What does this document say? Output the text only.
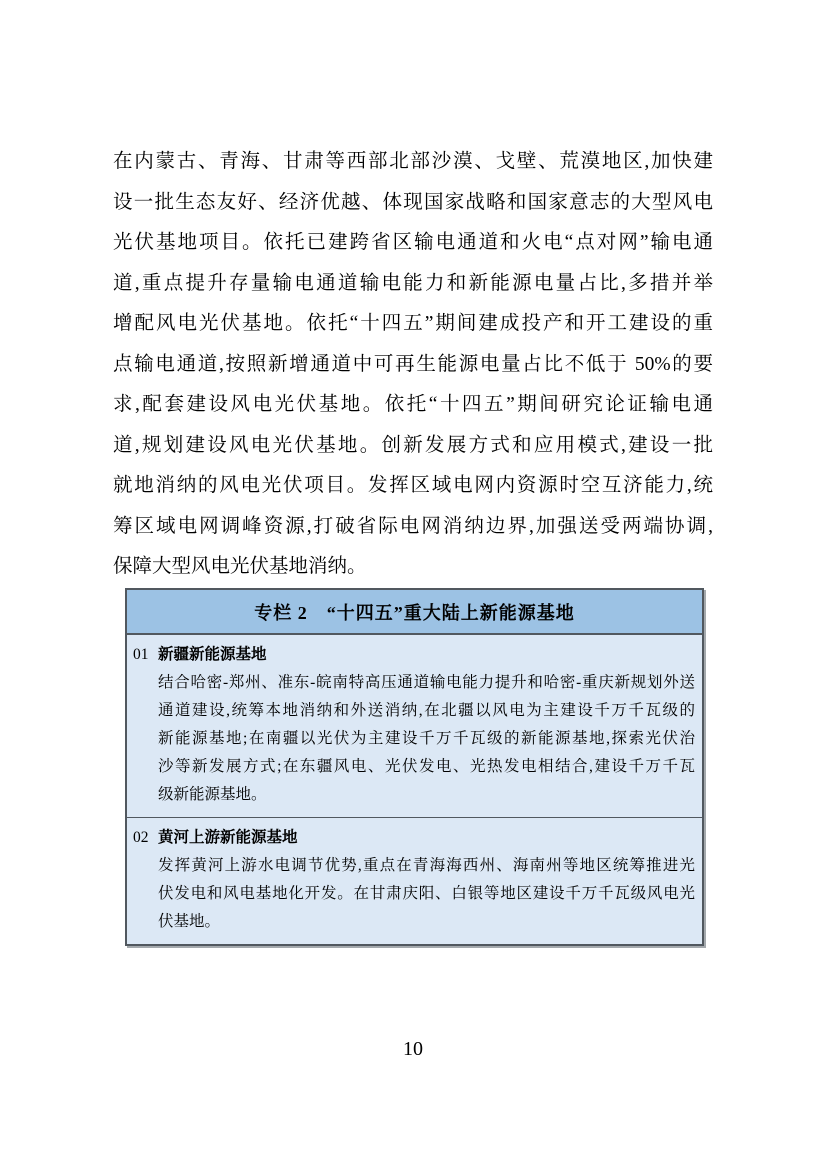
在内蒙古、青海、甘肃等西部北部沙漠、戈壁、荒漠地区,加快建
设一批生态友好、经济优越、体现国家战略和国家意志的大型风电
光伏基地项目。依托已建跨省区输电通道和火电“点对网”输电通
道,重点提升存量输电通道输电能力和新能源电量占比,多措并举
增配风电光伏基地。依托“十四五”期间建成投产和开工建设的重
点输电通道,按照新增通道中可再生能源电量占比不低于 50%的要
求,配套建设风电光伏基地。依托“十四五”期间研究论证输电通
道,规划建设风电光伏基地。创新发展方式和应用模式,建设一批
就地消纳的风电光伏项目。发挥区域电网内资源时空互济能力,统
筹区域电网调峰资源,打破省际电网消纳边界,加强送受两端协调,
保障大型风电光伏基地消纳。
专栏 2　“十四五”重大陆上新能源基地
01 新疆新能源基地
结合哈密-郑州、准东-皖南特高压通道输电能力提升和哈密-重庆新规划外送
通道建设,统筹本地消纳和外送消纳,在北疆以风电为主建设千万千瓦级的
新能源基地;在南疆以光伏为主建设千万千瓦级的新能源基地,探索光伏治
沙等新发展方式;在东疆风电、光伏发电、光热发电相结合,建设千万千瓦
级新能源基地。
02 黄河上游新能源基地
发挥黄河上游水电调节优势,重点在青海海西州、海南州等地区统筹推进光
伏发电和风电基地化开发。在甘肃庆阳、白银等地区建设千万千瓦级风电光
伏基地。
10
